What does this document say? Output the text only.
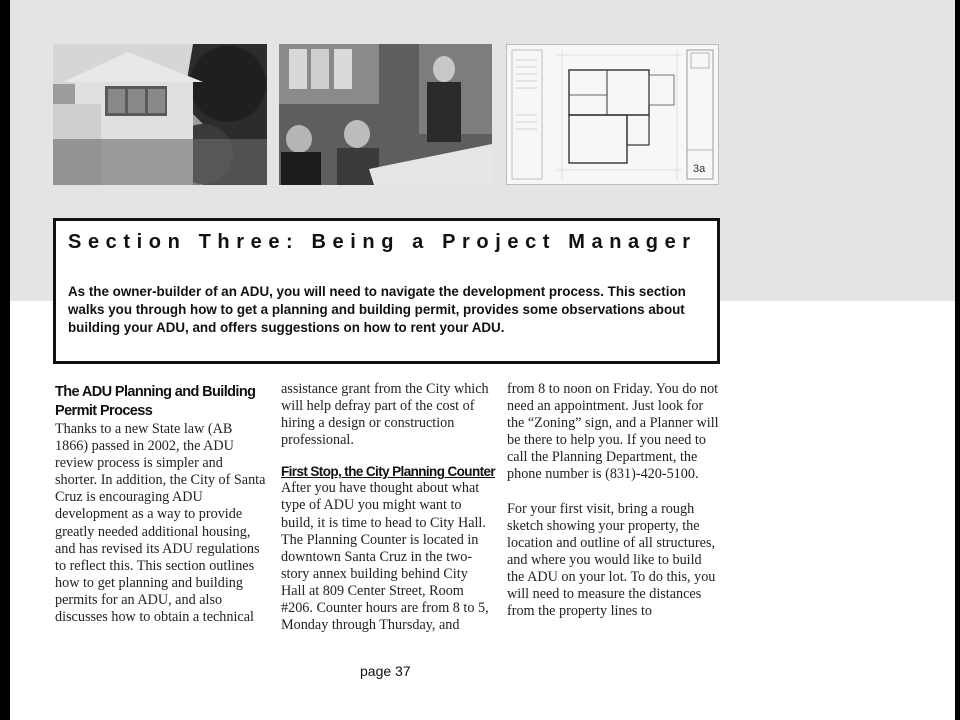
3a
Section Three: Being a Project Manager

As the owner-builder of an ADU, you will need to navigate the development process. This section walks you through how to get a planning and building permit, provides some observations about building your ADU, and offers suggestions on how to rent your ADU.

The ADU Planning and Building Permit Process

Thanks to a new State law (AB 1866) passed in 2002, the ADU review process is simpler and shorter. In addition, the City of Santa Cruz is encouraging ADU development as a way to provide greatly needed additional housing, and has revised its ADU regulations to reflect this. This section outlines how to get planning and building permits for an ADU, and also discusses how to obtain a technical

assistance grant from the City which will help defray part of the cost of hiring a design or construction professional.

First Stop, the City Planning Counter

After you have thought about what type of ADU you might want to build, it is time to head to City Hall. The Planning Counter is located in downtown Santa Cruz in the two-story annex building behind City Hall at 809 Center Street, Room #206. Counter hours are from 8 to 5, Monday through Thursday, and

from 8 to noon on Friday. You do not need an appointment. Just look for the “Zoning” sign, and a Planner will be there to help you. If you need to call the Planning Department, the phone number is (831)-420-5100.

For your first visit, bring a rough sketch showing your property, the location and outline of all structures, and where you would like to build the ADU on your lot. To do this, you will need to measure the distances from the property lines to

page 37
